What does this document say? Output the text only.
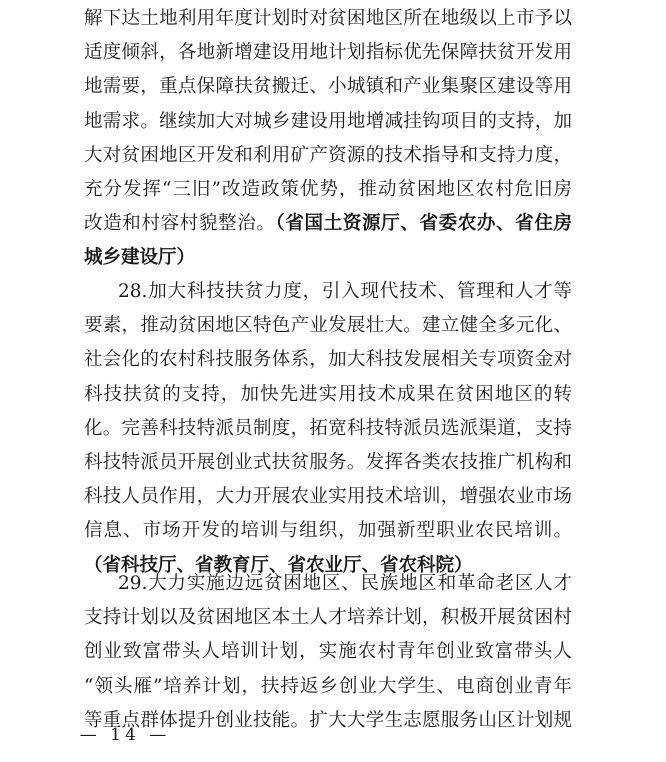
解下达土地利用年度计划时对贫困地区所在地级以上市予以
适度倾斜，各地新增建设用地计划指标优先保障扶贫开发用
地需要，重点保障扶贫搬迁、小城镇和产业集聚区建设等用
地需求。继续加大对城乡建设用地增减挂钩项目的支持，加
大对贫困地区开发和利用矿产资源的技术指导和支持力度，
充分发挥“三旧”改造政策优势，推动贫困地区农村危旧房
改造和村容村貌整治。（省国土资源厅、省委农办、省住房
城乡建设厅）
28.加大科技扶贫力度，引入现代技术、管理和人才等
要素，推动贫困地区特色产业发展壮大。建立健全多元化、
社会化的农村科技服务体系，加大科技发展相关专项资金对
科技扶贫的支持，加快先进实用技术成果在贫困地区的转
化。完善科技特派员制度，拓宽科技特派员选派渠道，支持
科技特派员开展创业式扶贫服务。发挥各类农技推广机构和
科技人员作用，大力开展农业实用技术培训，增强农业市场
信息、市场开发的培训与组织，加强新型职业农民培训。
（省科技厅、省教育厅、省农业厅、省农科院）
29.大力实施边远贫困地区、民族地区和革命老区人才
支持计划以及贫困地区本土人才培养计划，积极开展贫困村
创业致富带头人培训计划，实施农村青年创业致富带头人
“领头雁”培养计划，扶持返乡创业大学生、电商创业青年
等重点群体提升创业技能。扩大大学生志愿服务山区计划规
— 14 —
